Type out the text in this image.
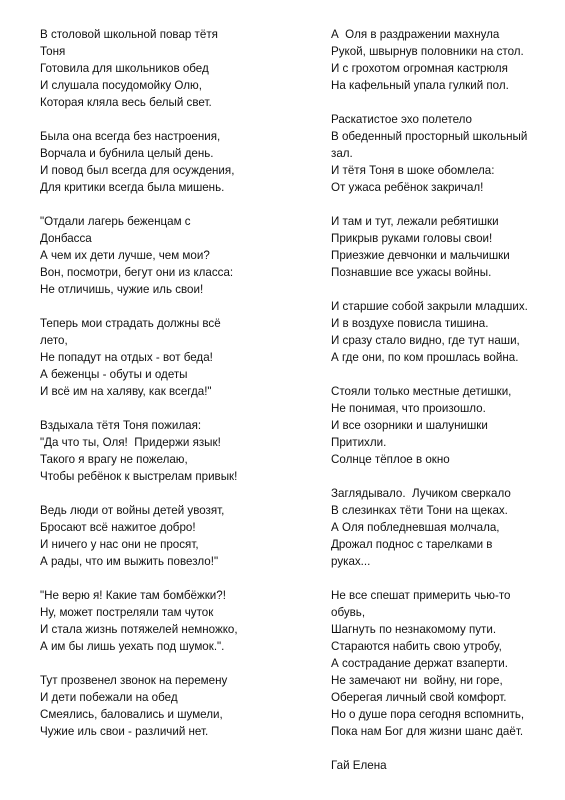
В столовой школьной повар тётя
Тоня
Готовила для школьников обед
И слушала посудомойку Олю,
Которая кляла весь белый свет.
Была она всегда без настроения,
Ворчала и бубнила целый день.
И повод был всегда для осуждения,
Для критики всегда была мишень.
"Отдали лагерь беженцам с
Донбасса
А чем их дети лучше, чем мои?
Вон, посмотри, бегут они из класса:
Не отличишь, чужие иль свои!
Теперь мои страдать должны всё
лето,
Не попадут на отдых - вот беда!
А беженцы - обуты и одеты
И всё им на халяву, как всегда!"
Вздыхала тётя Тоня пожилая:
"Да что ты, Оля!  Придержи язык!
Такого я врагу не пожелаю,
Чтобы ребёнок к выстрелам привык!
Ведь люди от войны детей увозят,
Бросают всё нажитое добро!
И ничего у нас они не просят,
А рады, что им выжить повезло!"
"Не верю я! Какие там бомбёжки?!
Ну, может постреляли там чуток
И стала жизнь потяжелей немножко,
А им бы лишь уехать под шумок.".
Тут прозвенел звонок на перемену
И дети побежали на обед
Смеялись, баловались и шумели,
Чужие иль свои - различий нет.
А  Оля в раздражении махнула
Рукой, швырнув половники на стол.
И с грохотом огромная кастрюля
На кафельный упала гулкий пол.
Раскатистое эхо полетело
В обеденный просторный школьный
зал.
И тётя Тоня в шоке обомлела:
От ужаса ребёнок закричал!
И там и тут, лежали ребятишки
Прикрыв руками головы свои!
Приезжие девчонки и мальчишки
Познавшие все ужасы войны.
И старшие собой закрыли младших.
И в воздухе повисла тишина.
И сразу стало видно, где тут наши,
А где они, по ком прошлась война.
Стояли только местные детишки,
Не понимая, что произошло.
И все озорники и шалунишки
Притихли.
Солнце тёплое в окно
Заглядывало.  Лучиком сверкало
В слезинках тёти Тони на щеках.
А Оля побледневшая молчала,
Дрожал поднос с тарелками в
руках...
Не все спешат примерить чью-то
обувь,
Шагнуть по незнакомому пути.
Стараются набить свою утробу,
А сострадание держат взаперти.
Не замечают ни  войну, ни горе,
Оберегая личный свой комфорт.
Но о душе пора сегодня вспомнить,
Пока нам Бог для жизни шанс даёт.
Гай Елена
